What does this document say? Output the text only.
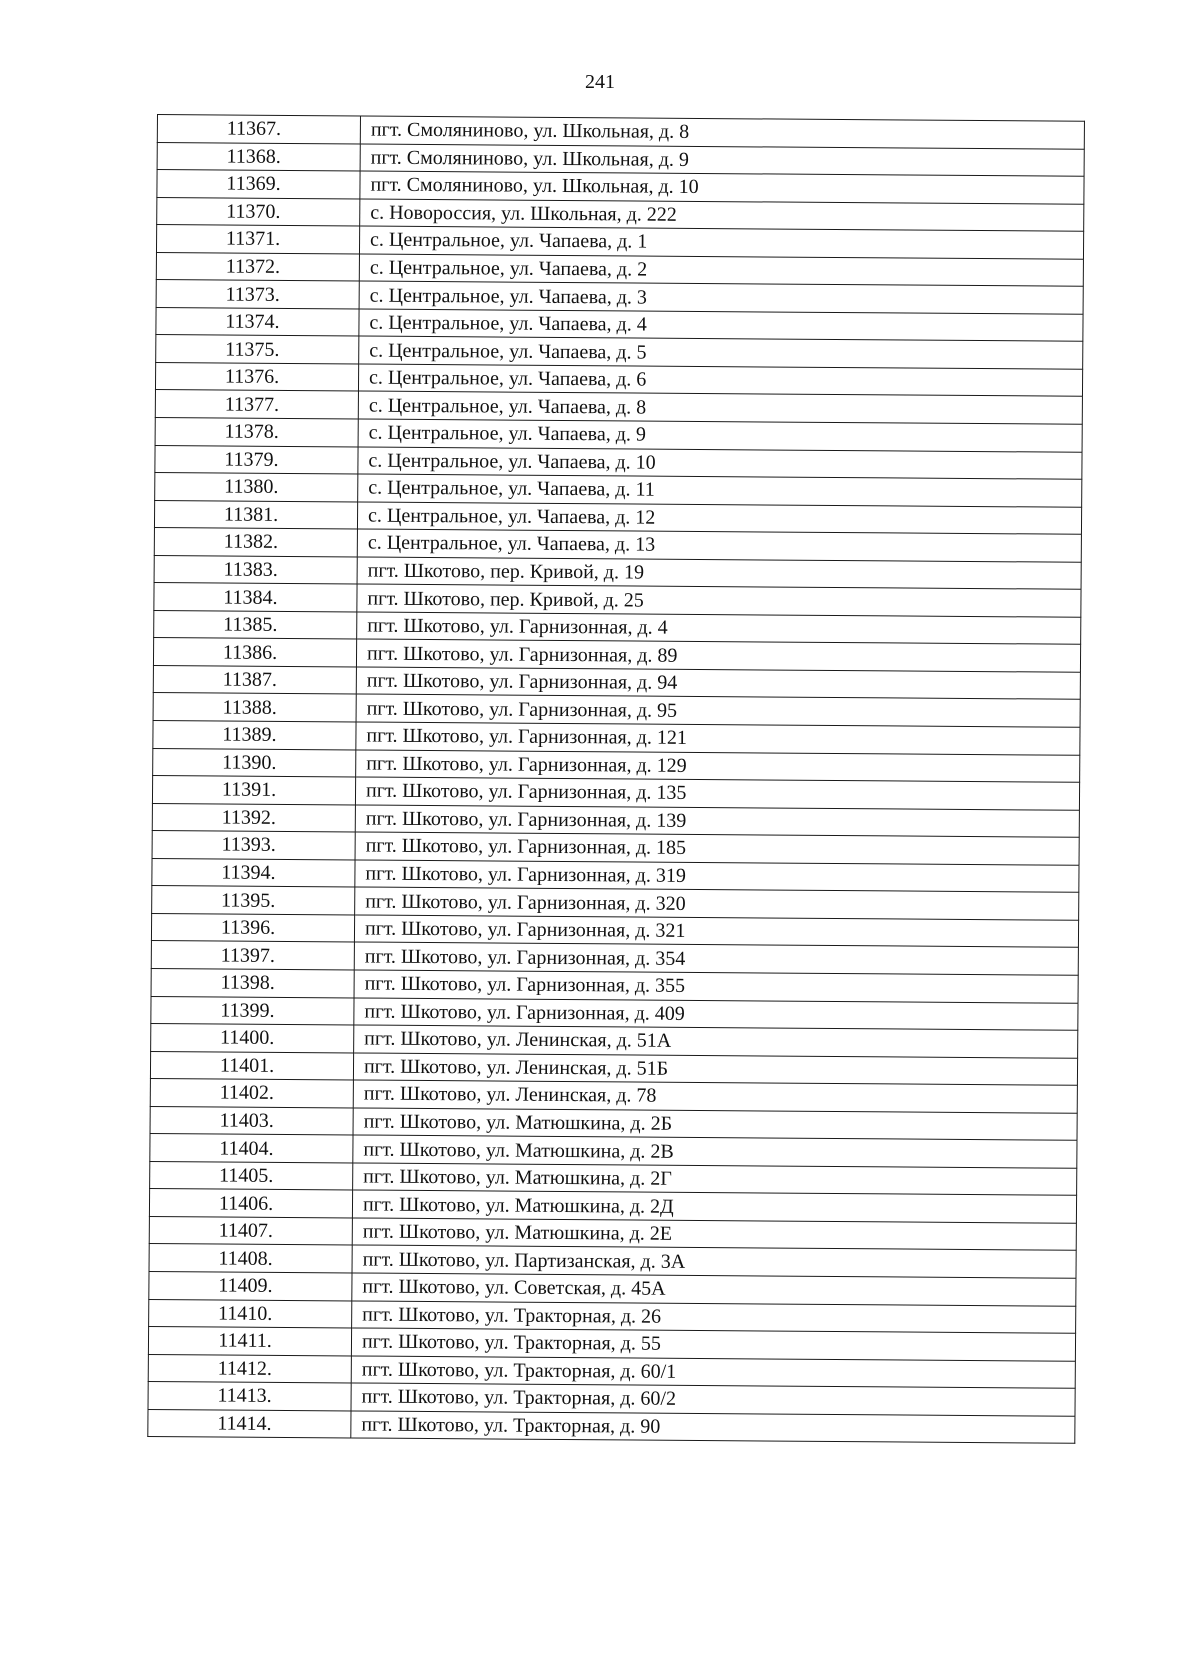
241
11367.	пгт. Смоляниново, ул. Школьная, д. 8
11368.	пгт. Смоляниново, ул. Школьная, д. 9
11369.	пгт. Смоляниново, ул. Школьная, д. 10
11370.	с. Новороссия, ул. Школьная, д. 222
11371.	с. Центральное, ул. Чапаева, д. 1
11372.	с. Центральное, ул. Чапаева, д. 2
11373.	с. Центральное, ул. Чапаева, д. 3
11374.	с. Центральное, ул. Чапаева, д. 4
11375.	с. Центральное, ул. Чапаева, д. 5
11376.	с. Центральное, ул. Чапаева, д. 6
11377.	с. Центральное, ул. Чапаева, д. 8
11378.	с. Центральное, ул. Чапаева, д. 9
11379.	с. Центральное, ул. Чапаева, д. 10
11380.	с. Центральное, ул. Чапаева, д. 11
11381.	с. Центральное, ул. Чапаева, д. 12
11382.	с. Центральное, ул. Чапаева, д. 13
11383.	пгт. Шкотово, пер. Кривой, д. 19
11384.	пгт. Шкотово, пер. Кривой, д. 25
11385.	пгт. Шкотово, ул. Гарнизонная, д. 4
11386.	пгт. Шкотово, ул. Гарнизонная, д. 89
11387.	пгт. Шкотово, ул. Гарнизонная, д. 94
11388.	пгт. Шкотово, ул. Гарнизонная, д. 95
11389.	пгт. Шкотово, ул. Гарнизонная, д. 121
11390.	пгт. Шкотово, ул. Гарнизонная, д. 129
11391.	пгт. Шкотово, ул. Гарнизонная, д. 135
11392.	пгт. Шкотово, ул. Гарнизонная, д. 139
11393.	пгт. Шкотово, ул. Гарнизонная, д. 185
11394.	пгт. Шкотово, ул. Гарнизонная, д. 319
11395.	пгт. Шкотово, ул. Гарнизонная, д. 320
11396.	пгт. Шкотово, ул. Гарнизонная, д. 321
11397.	пгт. Шкотово, ул. Гарнизонная, д. 354
11398.	пгт. Шкотово, ул. Гарнизонная, д. 355
11399.	пгт. Шкотово, ул. Гарнизонная, д. 409
11400.	пгт. Шкотово, ул. Ленинская, д. 51А
11401.	пгт. Шкотово, ул. Ленинская, д. 51Б
11402.	пгт. Шкотово, ул. Ленинская, д. 78
11403.	пгт. Шкотово, ул. Матюшкина, д. 2Б
11404.	пгт. Шкотово, ул. Матюшкина, д. 2В
11405.	пгт. Шкотово, ул. Матюшкина, д. 2Г
11406.	пгт. Шкотово, ул. Матюшкина, д. 2Д
11407.	пгт. Шкотово, ул. Матюшкина, д. 2Е
11408.	пгт. Шкотово, ул. Партизанская, д. 3А
11409.	пгт. Шкотово, ул. Советская, д. 45А
11410.	пгт. Шкотово, ул. Тракторная, д. 26
11411.	пгт. Шкотово, ул. Тракторная, д. 55
11412.	пгт. Шкотово, ул. Тракторная, д. 60/1
11413.	пгт. Шкотово, ул. Тракторная, д. 60/2
11414.	пгт. Шкотово, ул. Тракторная, д. 90
